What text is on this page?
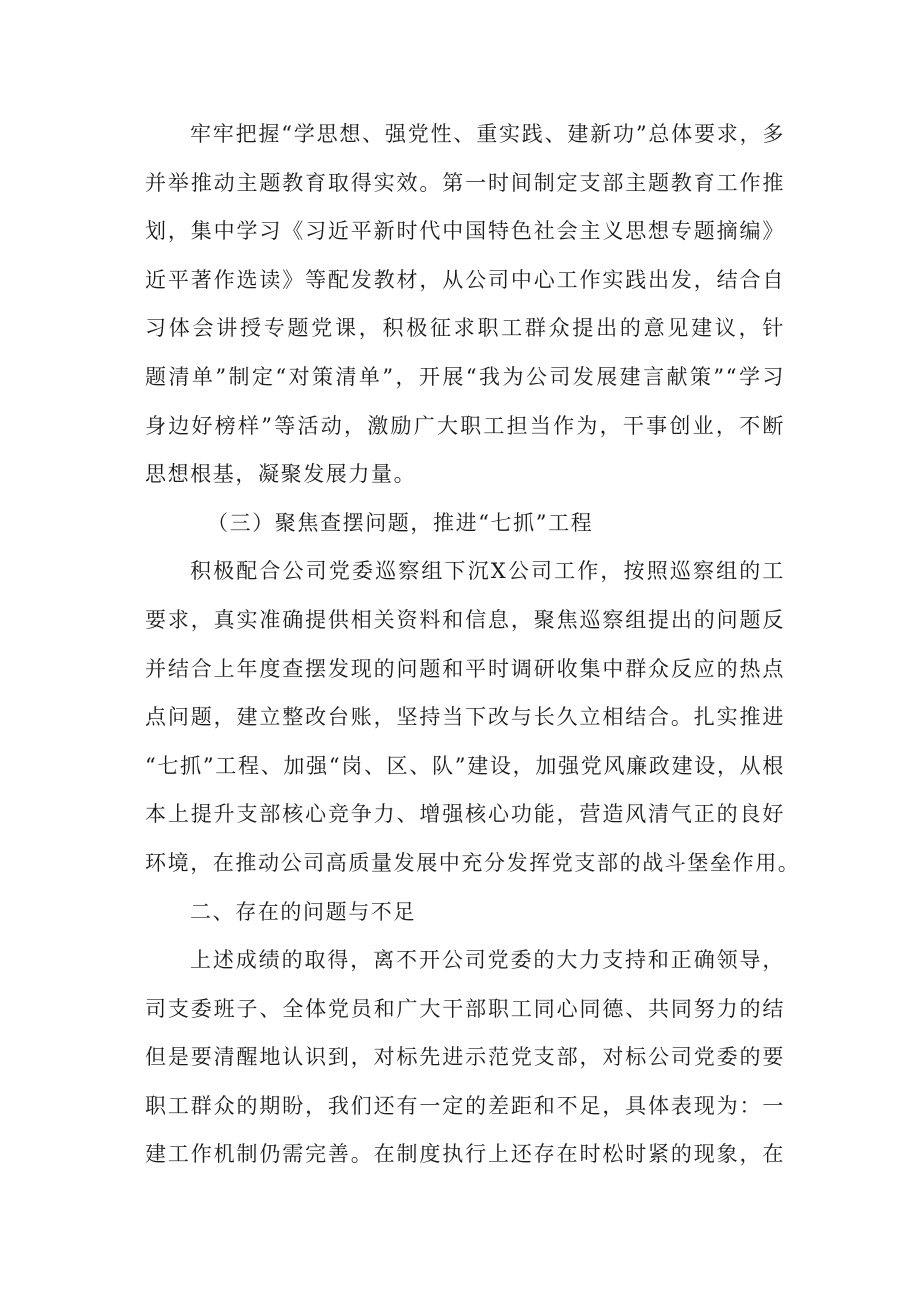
牢牢把握“学思想、强党性、重实践、建新功”总体要求，多
并举推动主题教育取得实效。第一时间制定支部主题教育工作推
划，集中学习《习近平新时代中国特色社会主义思想专题摘编》
近平著作选读》等配发教材，从公司中心工作实践出发，结合自
习体会讲授专题党课，积极征求职工群众提出的意见建议，针
题清单”制定“对策清单”，开展“我为公司发展建言献策”“学习
身边好榜样”等活动，激励广大职工担当作为，干事创业，不断
思想根基，凝聚发展力量。
（三）聚焦查摆问题，推进“七抓”工程
积极配合公司党委巡察组下沉X公司工作，按照巡察组的工
要求，真实准确提供相关资料和信息，聚焦巡察组提出的问题反
并结合上年度查摆发现的问题和平时调研收集中群众反应的热点
点问题，建立整改台账，坚持当下改与长久立相结合。扎实推进
“七抓”工程、加强“岗、区、队”建设，加强党风廉政建设，从根
本上提升支部核心竞争力、增强核心功能，营造风清气正的良好
环境，在推动公司高质量发展中充分发挥党支部的战斗堡垒作用。
二、存在的问题与不足
上述成绩的取得，离不开公司党委的大力支持和正确领导，
司支委班子、全体党员和广大干部职工同心同德、共同努力的结
但是要清醒地认识到，对标先进示范党支部，对标公司党委的要
职工群众的期盼，我们还有一定的差距和不足，具体表现为：一
建工作机制仍需完善。在制度执行上还存在时松时紧的现象，在
